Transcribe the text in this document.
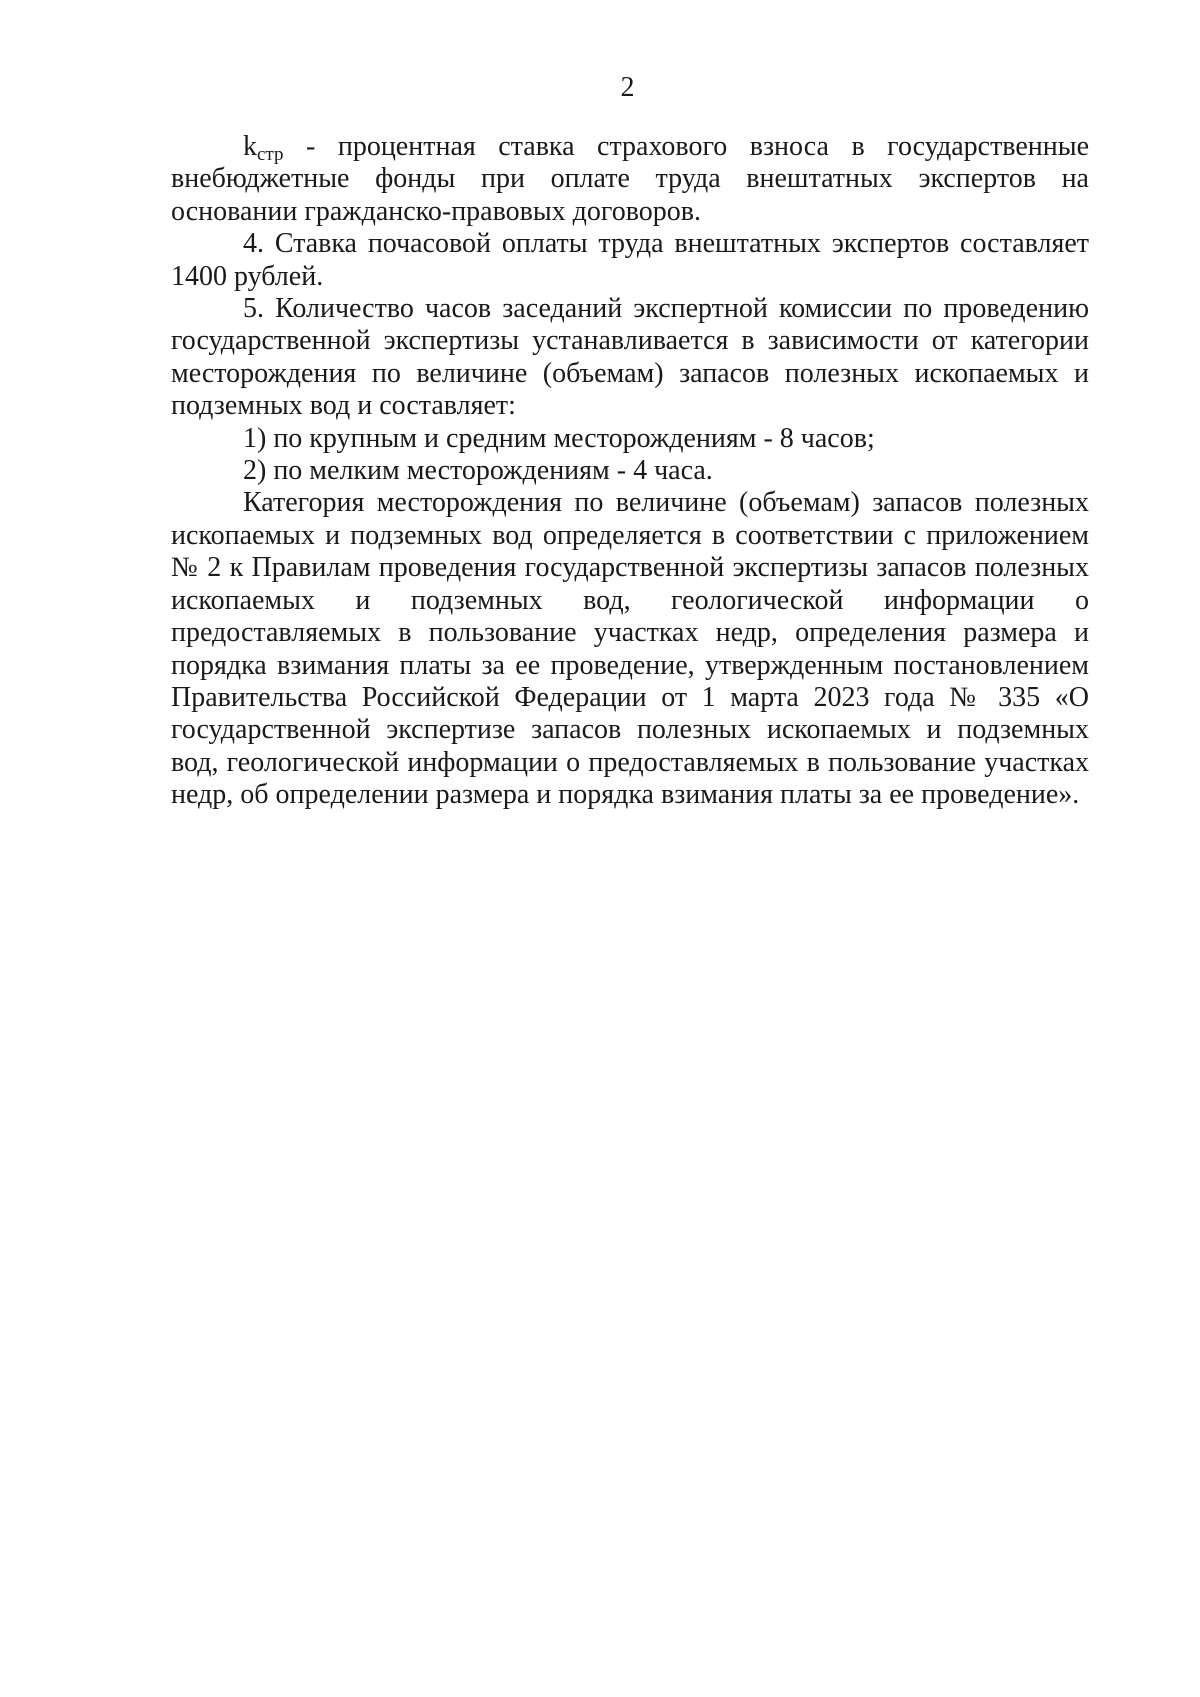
2

$k_{стр}$ - процентная ставка страхового взноса в государственные внебюджетные фонды при оплате труда внештатных экспертов на основании гражданско-правовых договоров.

4. Ставка почасовой оплаты труда внештатных экспертов составляет 1400 рублей.

5. Количество часов заседаний экспертной комиссии по проведению государственной экспертизы устанавливается в зависимости от категории месторождения по величине (объемам) запасов полезных ископаемых и подземных вод и составляет:

1) по крупным и средним месторождениям - 8 часов;

2) по мелким месторождениям - 4 часа.

Категория месторождения по величине (объемам) запасов полезных ископаемых и подземных вод определяется в соответствии с приложением № 2 к Правилам проведения государственной экспертизы запасов полезных ископаемых и подземных вод, геологической информации о предоставляемых в пользование участках недр, определения размера и порядка взимания платы за ее проведение, утвержденным постановлением Правительства Российской Федерации от 1 марта 2023 года № 335 «О государственной экспертизе запасов полезных ископаемых и подземных вод, геологической информации о предоставляемых в пользование участках недр, об определении размера и порядка взимания платы за ее проведение».
